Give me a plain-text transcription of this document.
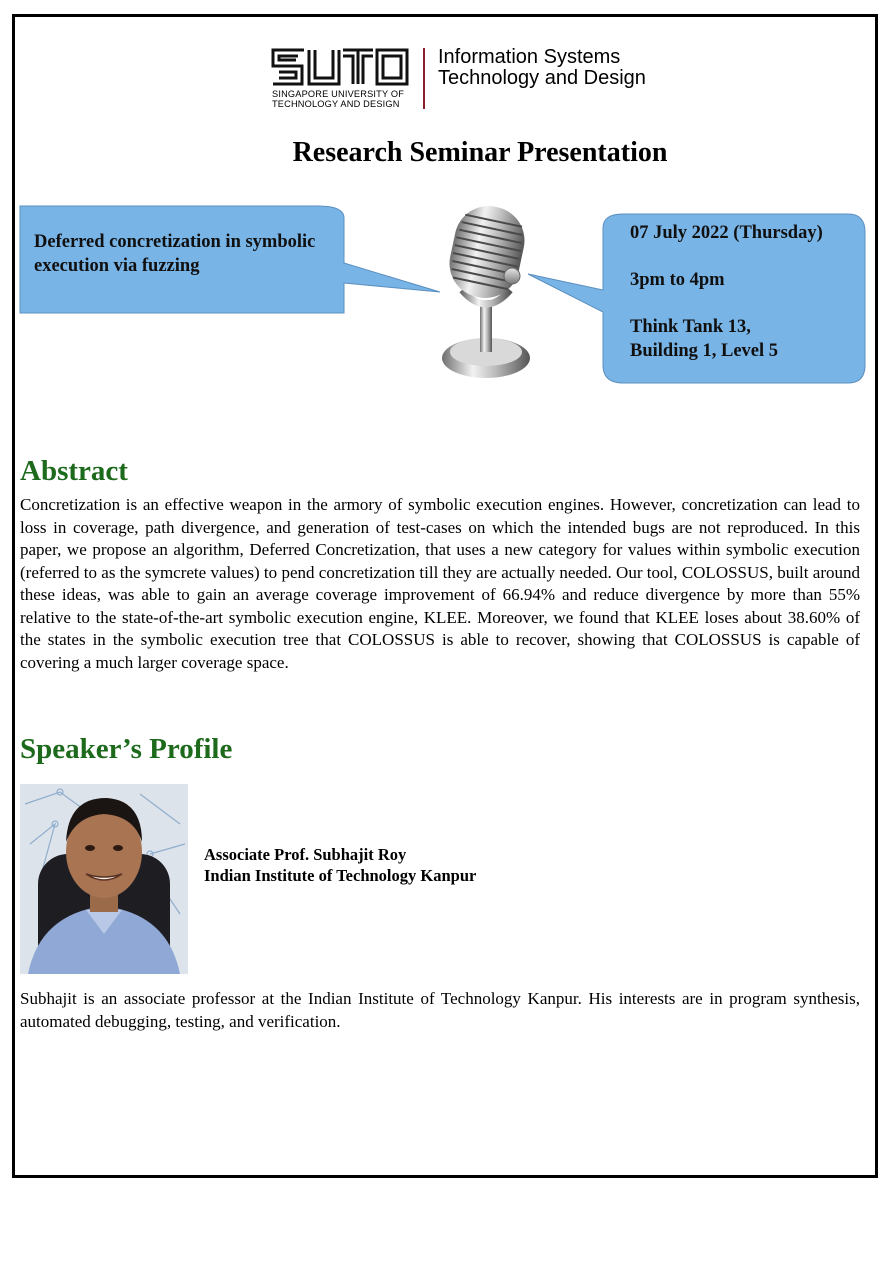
SINGAPORE UNIVERSITY OF TECHNOLOGY AND DESIGN
Information Systems
Technology and Design
Research Seminar Presentation
Deferred concretization in symbolic execution via fuzzing
07 July 2022 (Thursday)
3pm to 4pm
Think Tank 13,
Building 1, Level 5
Abstract
Concretization is an effective weapon in the armory of symbolic execution engines. However, concretization can lead to loss in coverage, path divergence, and generation of test-cases on which the intended bugs are not reproduced. In this paper, we propose an algorithm, Deferred Concretization, that uses a new category for values within symbolic execution (referred to as the symcrete values) to pend concretization till they are actually needed. Our tool, COLOSSUS, built around these ideas, was able to gain an average coverage improvement of 66.94% and reduce divergence by more than 55% relative to the state-of-the-art symbolic execution engine, KLEE. Moreover, we found that KLEE loses about 38.60% of the states in the symbolic execution tree that COLOSSUS is able to recover, showing that COLOSSUS is capable of covering a much larger coverage space.
Speaker’s Profile
Associate Prof. Subhajit Roy
Indian Institute of Technology Kanpur
Subhajit is an associate professor at the Indian Institute of Technology Kanpur. His interests are in program synthesis, automated debugging, testing, and verification.
